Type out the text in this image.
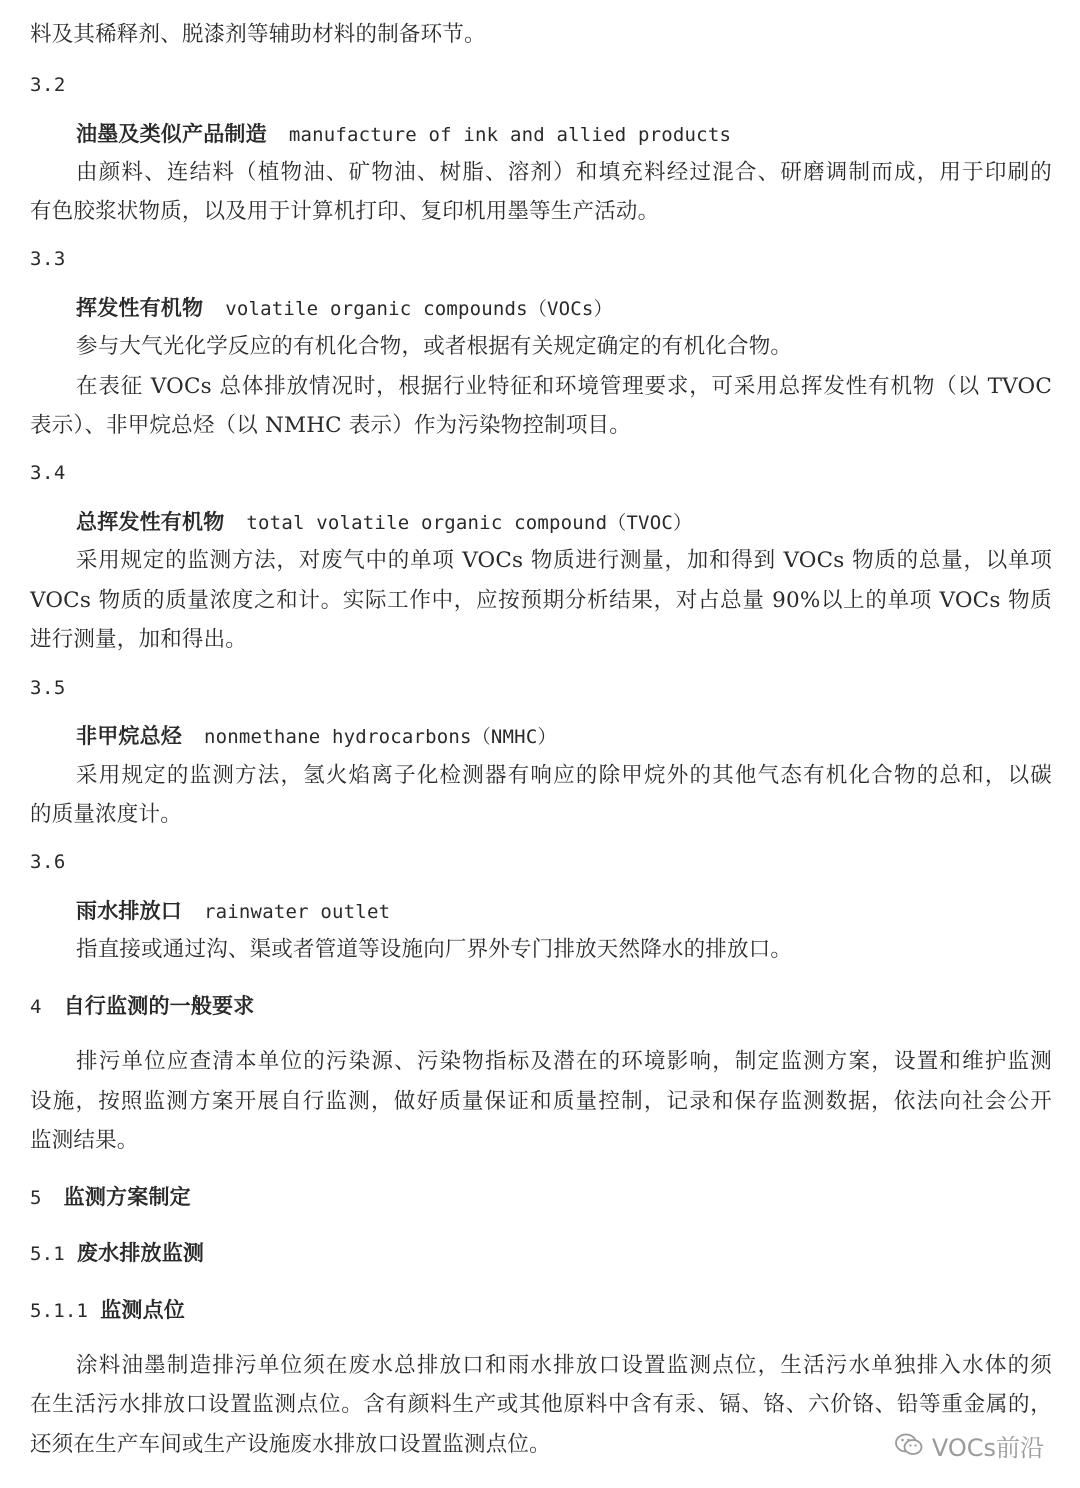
料及其稀释剂、脱漆剂等辅助材料的制备环节。
3.2
油墨及类似产品制造 manufacture of ink and allied products
由颜料、连结料（植物油、矿物油、树脂、溶剂）和填充料经过混合、研磨调制而成，用于印刷的
有色胶浆状物质，以及用于计算机打印、复印机用墨等生产活动。
3.3
挥发性有机物 volatile organic compounds（VOCs）
参与大气光化学反应的有机化合物，或者根据有关规定确定的有机化合物。
在表征 VOCs 总体排放情况时，根据行业特征和环境管理要求，可采用总挥发性有机物（以 TVOC
表示）、非甲烷总烃（以 NMHC 表示）作为污染物控制项目。
3.4
总挥发性有机物 total volatile organic compound（TVOC）
采用规定的监测方法，对废气中的单项 VOCs 物质进行测量，加和得到 VOCs 物质的总量，以单项
VOCs 物质的质量浓度之和计。实际工作中，应按预期分析结果，对占总量 90%以上的单项 VOCs 物质
进行测量，加和得出。
3.5
非甲烷总烃 nonmethane hydrocarbons（NMHC）
采用规定的监测方法，氢火焰离子化检测器有响应的除甲烷外的其他气态有机化合物的总和，以碳
的质量浓度计。
3.6
雨水排放口 rainwater outlet
指直接或通过沟、渠或者管道等设施向厂界外专门排放天然降水的排放口。
4 自行监测的一般要求
排污单位应查清本单位的污染源、污染物指标及潜在的环境影响，制定监测方案，设置和维护监测
设施，按照监测方案开展自行监测，做好质量保证和质量控制，记录和保存监测数据，依法向社会公开
监测结果。
5 监测方案制定
5.1 废水排放监测
5.1.1 监测点位
涂料油墨制造排污单位须在废水总排放口和雨水排放口设置监测点位，生活污水单独排入水体的须
在生活污水排放口设置监测点位。含有颜料生产或其他原料中含有汞、镉、铬、六价铬、铅等重金属的，
还须在生产车间或生产设施废水排放口设置监测点位。	VOCs前沿
